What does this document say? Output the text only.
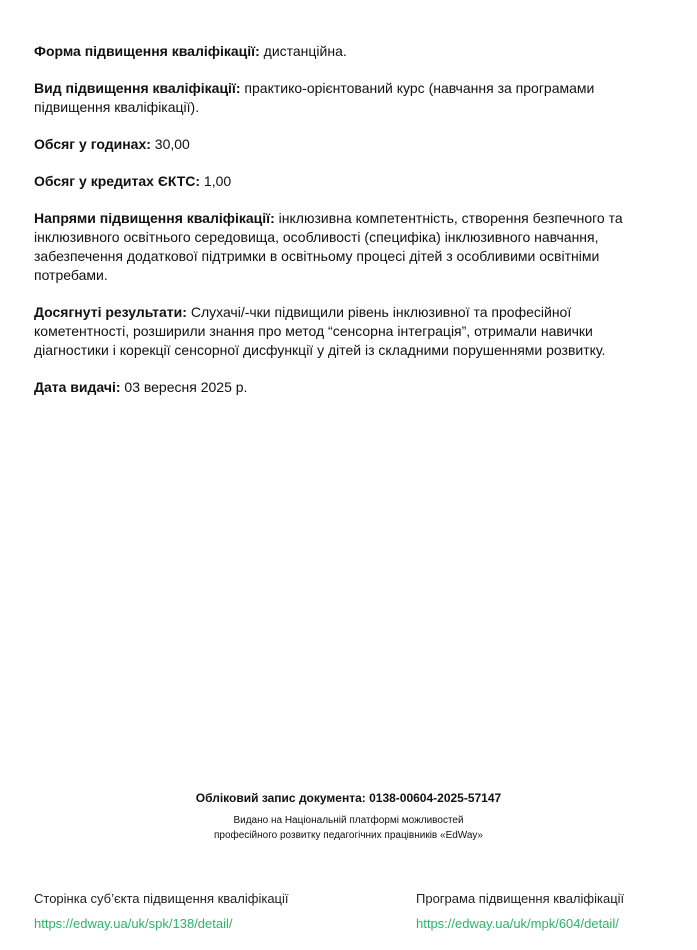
Форма підвищення кваліфікації: дистанційна.

Вид підвищення кваліфікації: практико-орієнтований курс (навчання за програмами підвищення кваліфікації).

Обсяг у годинах: 30,00

Обсяг у кредитах ЄКТС: 1,00

Напрями підвищення кваліфікації: інклюзивна компетентність, створення безпечного та інклюзивного освітнього середовища, особливості (специфіка) інклюзивного навчання, забезпечення додаткової підтримки в освітньому процесі дітей з особливими освітніми потребами.

Досягнуті результати: Слухачі/-чки підвищили рівень інклюзивної та професійної кометентності, розширили знання про метод “сенсорна інтеграція”, отримали навички діагностики і корекції сенсорної дисфункції у дітей із складними порушеннями розвитку.

Дата видачі: 03 вересня 2025 р.

Обліковий запис документа: 0138-00604-2025-57147
Видано на Національній платформі можливостей
професійного розвитку педагогічних працівників «EdWay»
Сторінка суб’єкта підвищення кваліфікації
https://edway.ua/uk/spk/138/detail/
Програма підвищення кваліфікації
https://edway.ua/uk/mpk/604/detail/
